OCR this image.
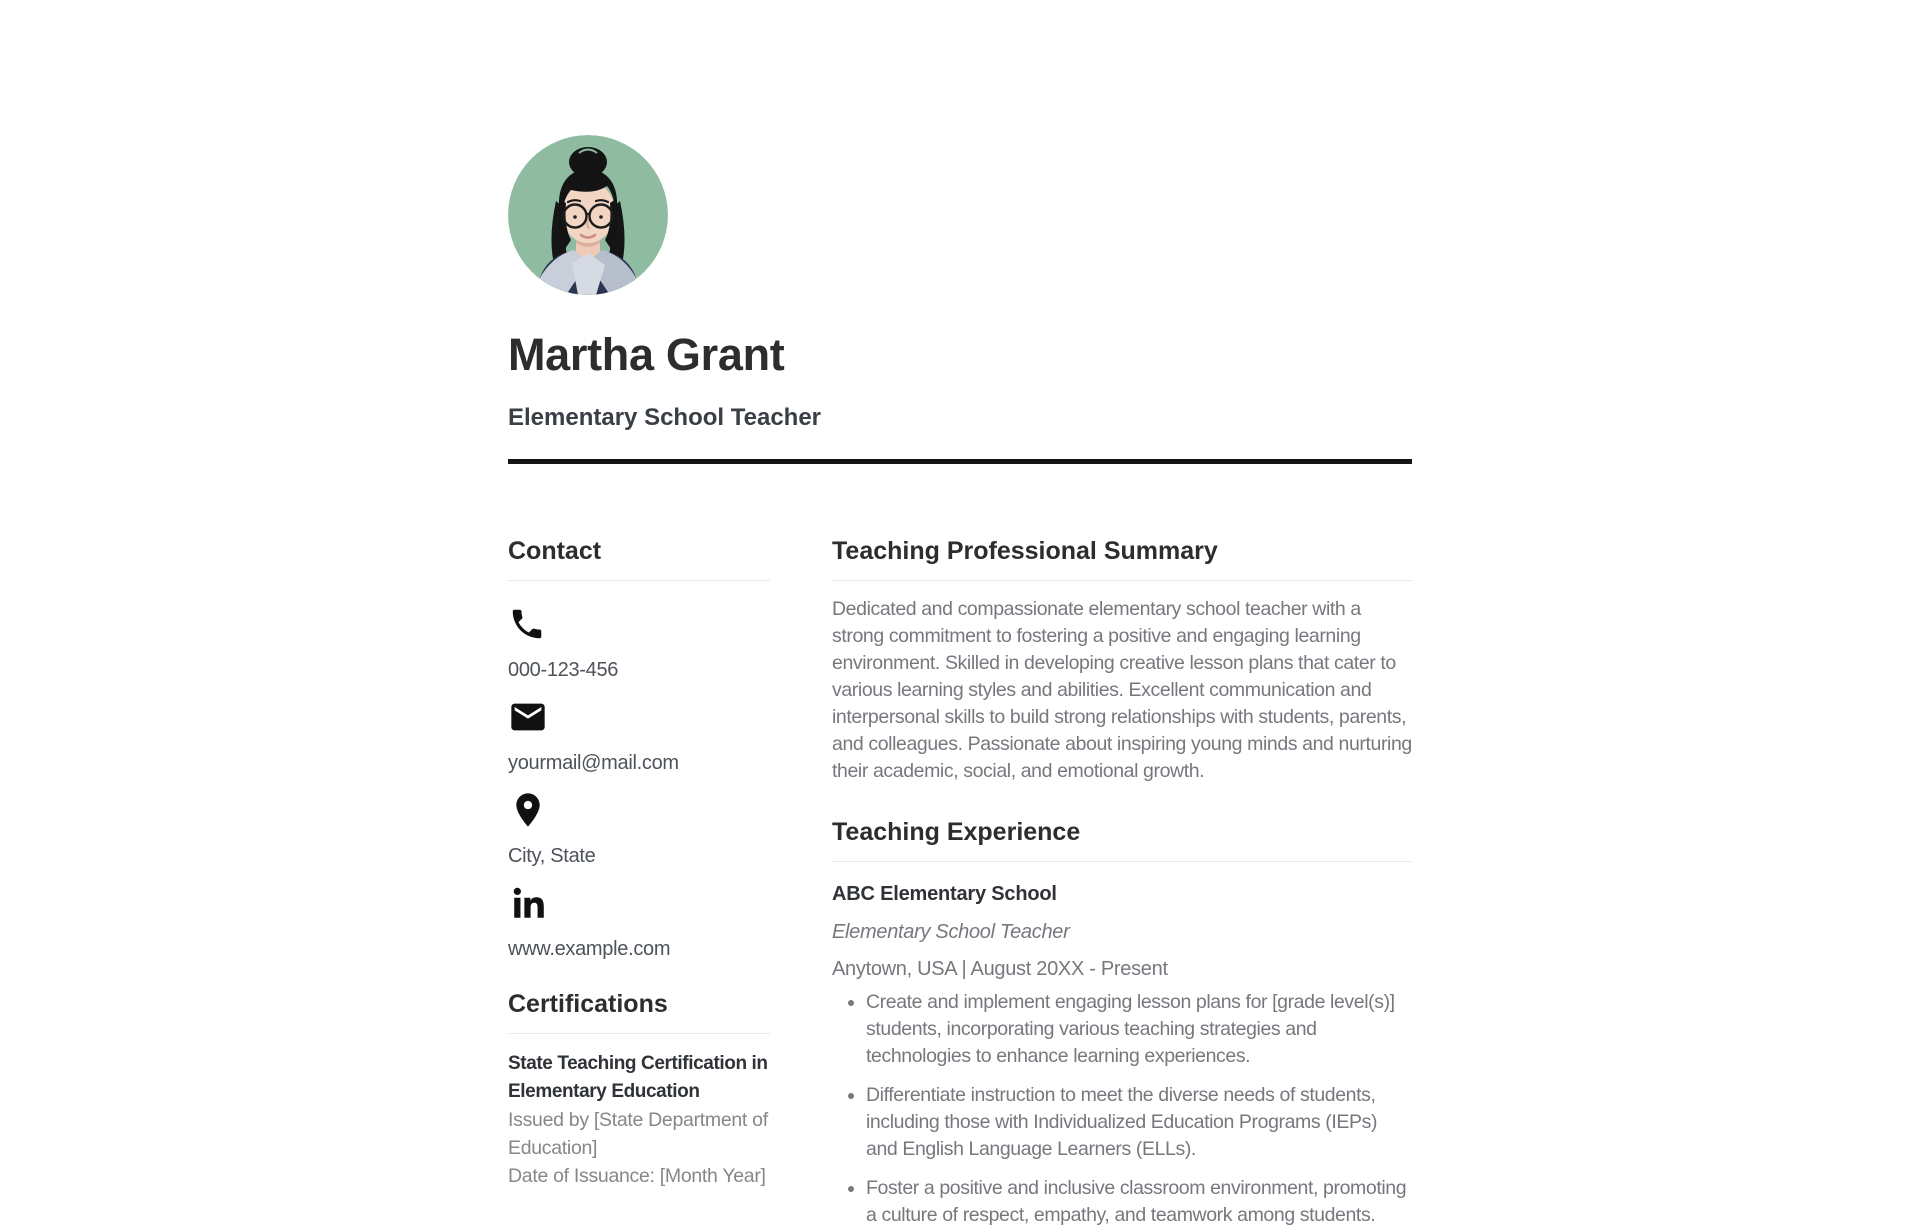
Martha Grant
Elementary School Teacher
Contact
000-123-456
yourmail@mail.com
City, State
www.example.com
Certifications
State Teaching Certification in Elementary Education
Issued by [State Department of Education]
Date of Issuance: [Month Year]
Teaching Professional Summary

Dedicated and compassionate elementary school teacher with a strong commitment to fostering a positive and engaging learning environment. Skilled in developing creative lesson plans that cater to various learning styles and abilities. Excellent communication and interpersonal skills to build strong relationships with students, parents, and colleagues. Passionate about inspiring young minds and nurturing their academic, social, and emotional growth.

Teaching Experience
ABC Elementary School
Elementary School Teacher
Anytown, USA | August 20XX - Present
• Create and implement engaging lesson plans for [grade level(s)] students, incorporating various teaching strategies and technologies to enhance learning experiences.
• Differentiate instruction to meet the diverse needs of students, including those with Individualized Education Programs (IEPs) and English Language Learners (ELLs).
• Foster a positive and inclusive classroom environment, promoting a culture of respect, empathy, and teamwork among students.
